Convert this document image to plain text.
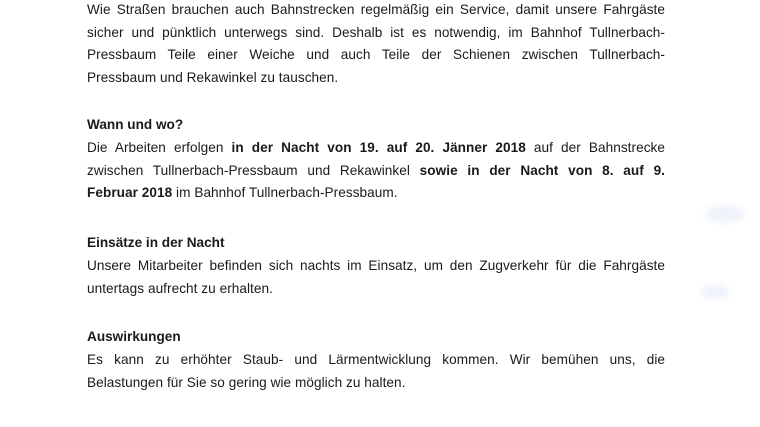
Wie Straßen brauchen auch Bahnstrecken regelmäßig ein Service, damit unsere Fahrgäste
sicher und pünktlich unterwegs sind. Deshalb ist es notwendig, im Bahnhof Tullnerbach-
Pressbaum Teile einer Weiche und auch Teile der Schienen zwischen Tullnerbach-
Pressbaum und Rekawinkel zu tauschen.

Wann und wo?

Die Arbeiten erfolgen in der Nacht von 19. auf 20. Jänner 2018 auf der Bahnstrecke
zwischen Tullnerbach-Pressbaum und Rekawinkel sowie in der Nacht von 8. auf 9.
Februar 2018 im Bahnhof Tullnerbach-Pressbaum.

Einsätze in der Nacht

Unsere Mitarbeiter befinden sich nachts im Einsatz, um den Zugverkehr für die Fahrgäste
untertags aufrecht zu erhalten.

Auswirkungen

Es kann zu erhöhter Staub- und Lärmentwicklung kommen. Wir bemühen uns, die
Belastungen für Sie so gering wie möglich zu halten.
